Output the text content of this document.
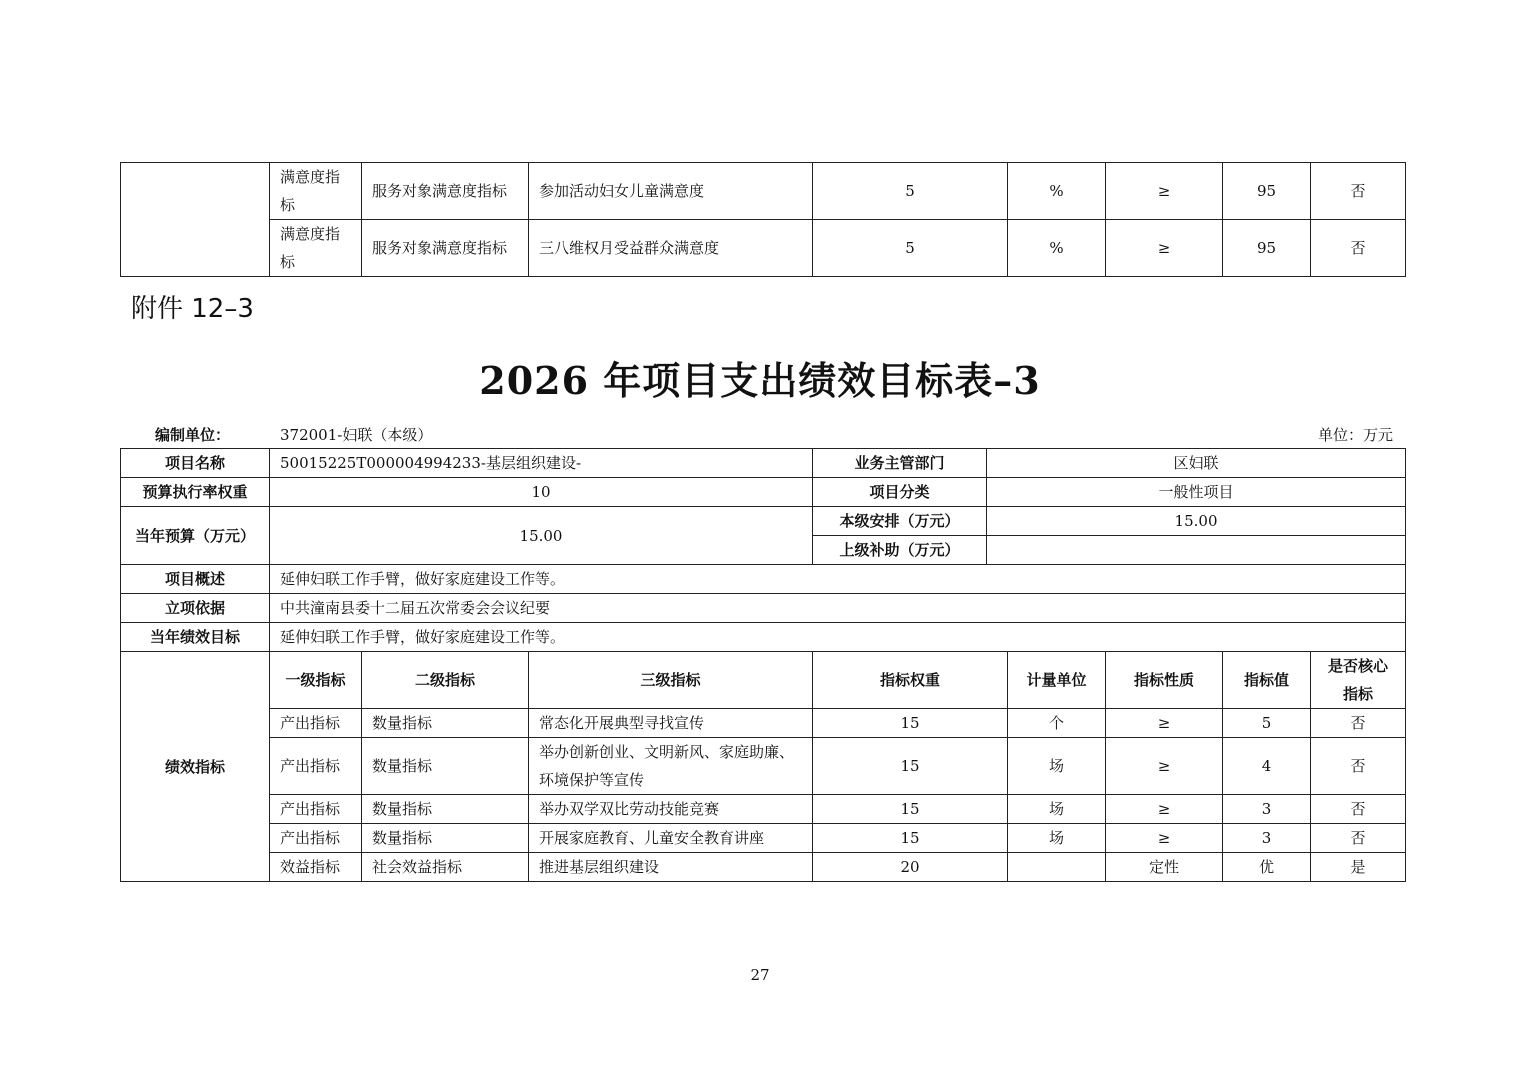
	满意度指标	服务对象满意度指标	参加活动妇女儿童满意度	5	%	≥	95	否
	满意度指标	服务对象满意度指标	三八维权月受益群众满意度	5	%	≥	95	否
附件 12–3
2026 年项目支出绩效目标表–3
编制单位：	372001-妇联（本级）	单位：万元
项目名称	50015225T000004994233-基层组织建设-			业务主管部门	区妇联				
预算执行率权重	10			项目分类	一般性项目				
当年预算（万元）	15.00			本级安排（万元）	15.00				
				上级补助（万元）					
项目概述	延伸妇联工作手臂，做好家庭建设工作等。								
立项依据	中共潼南县委十二届五次常委会会议纪要								
当年绩效目标	延伸妇联工作手臂，做好家庭建设工作等。								
绩效指标	一级指标	二级指标	三级指标	指标权重		计量单位	指标性质	指标值	是否核心指标
	产出指标	数量指标	常态化开展典型寻找宣传	15		个	≥	5	否
	产出指标	数量指标	举办创新创业、文明新风、家庭助廉、环境保护等宣传	15		场	≥	4	否
	产出指标	数量指标	举办双学双比劳动技能竞赛	15		场	≥	3	否
	产出指标	数量指标	开展家庭教育、儿童安全教育讲座	15		场	≥	3	否
	效益指标	社会效益指标	推进基层组织建设	20			定性	优	是
27
